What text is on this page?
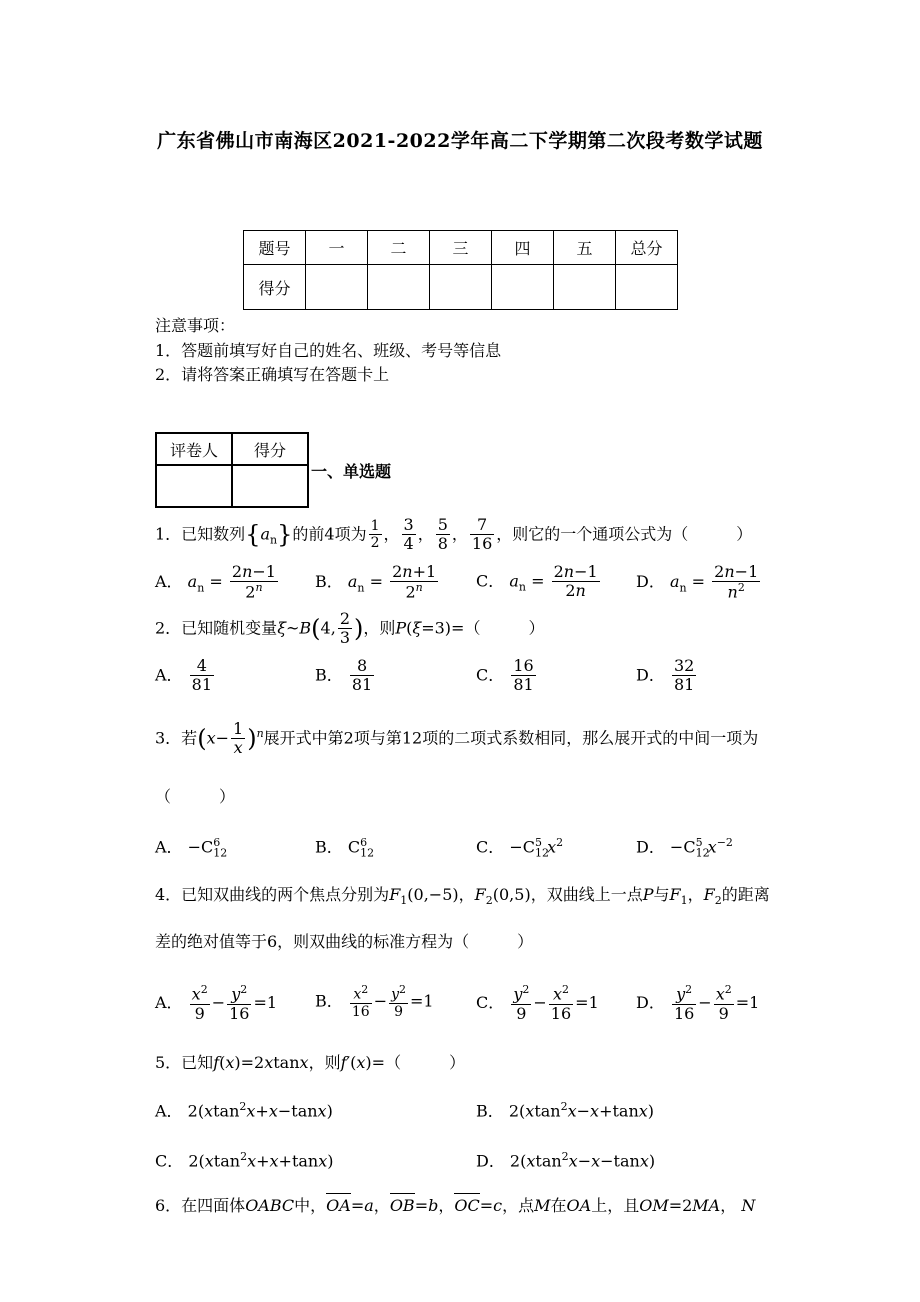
广东省佛山市南海区2021-2022学年高二下学期第二次段考数学试题
题号	一	二	三	四	五	总分
得分						
注意事项：
1．答题前填写好自己的姓名、班级、考号等信息
2．请将答案正确填写在答题卡上
评卷人	得分

一、单选题
1．已知数列$\{a_n\}$的前4项为 $\frac{1}{2}$ ， $\frac{3}{4}$ ， $\frac{5}{8}$ ， $\frac{7}{16}$ ，则它的一个通项公式为（　　　）
A． $a_n = \frac{2n-1}{2^n}$ B． $a_n = \frac{2n+1}{2^n}$ C． $a_n = \frac{2n-1}{2n}$ D． $a_n = \frac{2n-1}{n^2}$
2．已知随机变量ξ~B(4, $\frac{2}{3}$ )，则P(ξ=3)=（　　　）
A． $\frac{4}{81}$	B． $\frac{8}{81}$	C． $\frac{16}{81}$	D． $\frac{32}{81}$
3．若$(x- \frac{1}{x} )^n$展开式中第2项与第12项的二项式系数相同，那么展开式的中间一项为
（　　　）
A． $-C_{12}^6$	B． $C_{12}^6$	C． $-C_{12}^5$ $x^2$	D． $-C_{12}^5$ $x^{-2}$
4．已知双曲线的两个焦点分别为$F_1(0,-5)$，$F_2(0,5)$，双曲线上一点P与$F_1$，$F_2$的距离
差的绝对值等于6，则双曲线的标准方程为（　　　）
A． $\frac{x^2}{9} - \frac{y^2}{16} =1$ B． $\frac{x^2}{16} - \frac{y^2}{9} =1$	C． $\frac{y^2}{9} - \frac{x^2}{16} =1$ D． $\frac{y^2}{16} - \frac{x^2}{9} =1$
5．已知f(x)=2xtanx，则f′(x)=（　　　）
A． 2(xtan$^2$x+x−tanx)	B． 2(xtan$^2$x−x+tanx)
C． 2(xtan$^2$x+x+tanx)	D． 2(xtan$^2$x−x−tanx)
6．在四面体OABC中，OA=a，OB=b，OC=c，点M在OA上，且OM=2MA， N
